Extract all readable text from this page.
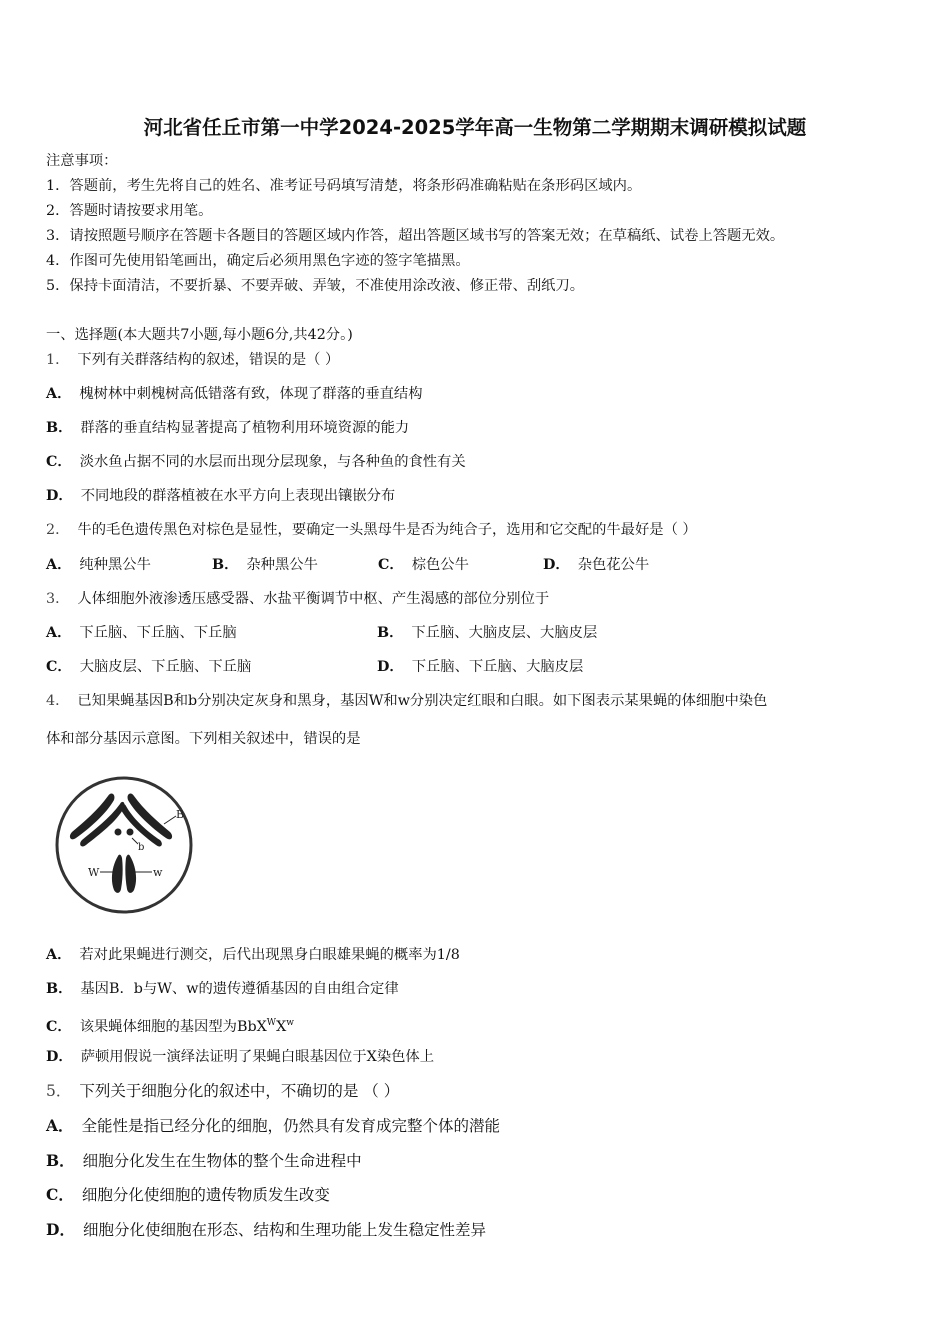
河北省任丘市第一中学2024-2025学年高一生物第二学期期末调研模拟试题
注意事项：
1．答题前，考生先将自己的姓名、准考证号码填写清楚，将条形码准确粘贴在条形码区域内。
2．答题时请按要求用笔。
3．请按照题号顺序在答题卡各题目的答题区域内作答，超出答题区域书写的答案无效；在草稿纸、试卷上答题无效。
4．作图可先使用铅笔画出，确定后必须用黑色字迹的签字笔描黑。
5．保持卡面清洁，不要折暴、不要弄破、弄皱，不准使用涂改液、修正带、刮纸刀。
一、选择题(本大题共7小题,每小题6分,共42分。)
1． 下列有关群落结构的叙述，错误的是（ ）
A． 槐树林中刺槐树高低错落有致，体现了群落的垂直结构
B． 群落的垂直结构显著提高了植物利用环境资源的能力
C． 淡水鱼占据不同的水层而出现分层现象，与各种鱼的食性有关
D． 不同地段的群落植被在水平方向上表现出镶嵌分布
2． 牛的毛色遗传黑色对棕色是显性，要确定一头黑母牛是否为纯合子，选用和它交配的牛最好是（ ）
A． 纯种黑公牛	B． 杂种黑公牛	C． 棕色公牛	D． 杂色花公牛
3． 人体细胞外液渗透压感受器、水盐平衡调节中枢、产生渴感的部位分别位于
A． 下丘脑、下丘脑、下丘脑	B． 下丘脑、大脑皮层、大脑皮层
C． 大脑皮层、下丘脑、下丘脑	D． 下丘脑、下丘脑、大脑皮层
4． 已知果蝇基因B和b分别决定灰身和黑身，基因W和w分别决定红眼和白眼。如下图表示某果蝇的体细胞中染色
体和部分基因示意图。下列相关叙述中，错误的是
B
b
W	w
A． 若对此果蝇进行测交，后代出现黑身白眼雄果蝇的概率为1/8
B． 基因B．b与W、w的遗传遵循基因的自由组合定律
C． 该果蝇体细胞的基因型为$BbX^WX^w$
D． 萨顿用假说一演绎法证明了果蝇白眼基因位于X染色体上
5． 下列关于细胞分化的叙述中，不确切的是 （ ）
A． 全能性是指已经分化的细胞，仍然具有发育成完整个体的潜能
B． 细胞分化发生在生物体的整个生命进程中
C． 细胞分化使细胞的遗传物质发生改变
D． 细胞分化使细胞在形态、结构和生理功能上发生稳定性差异
